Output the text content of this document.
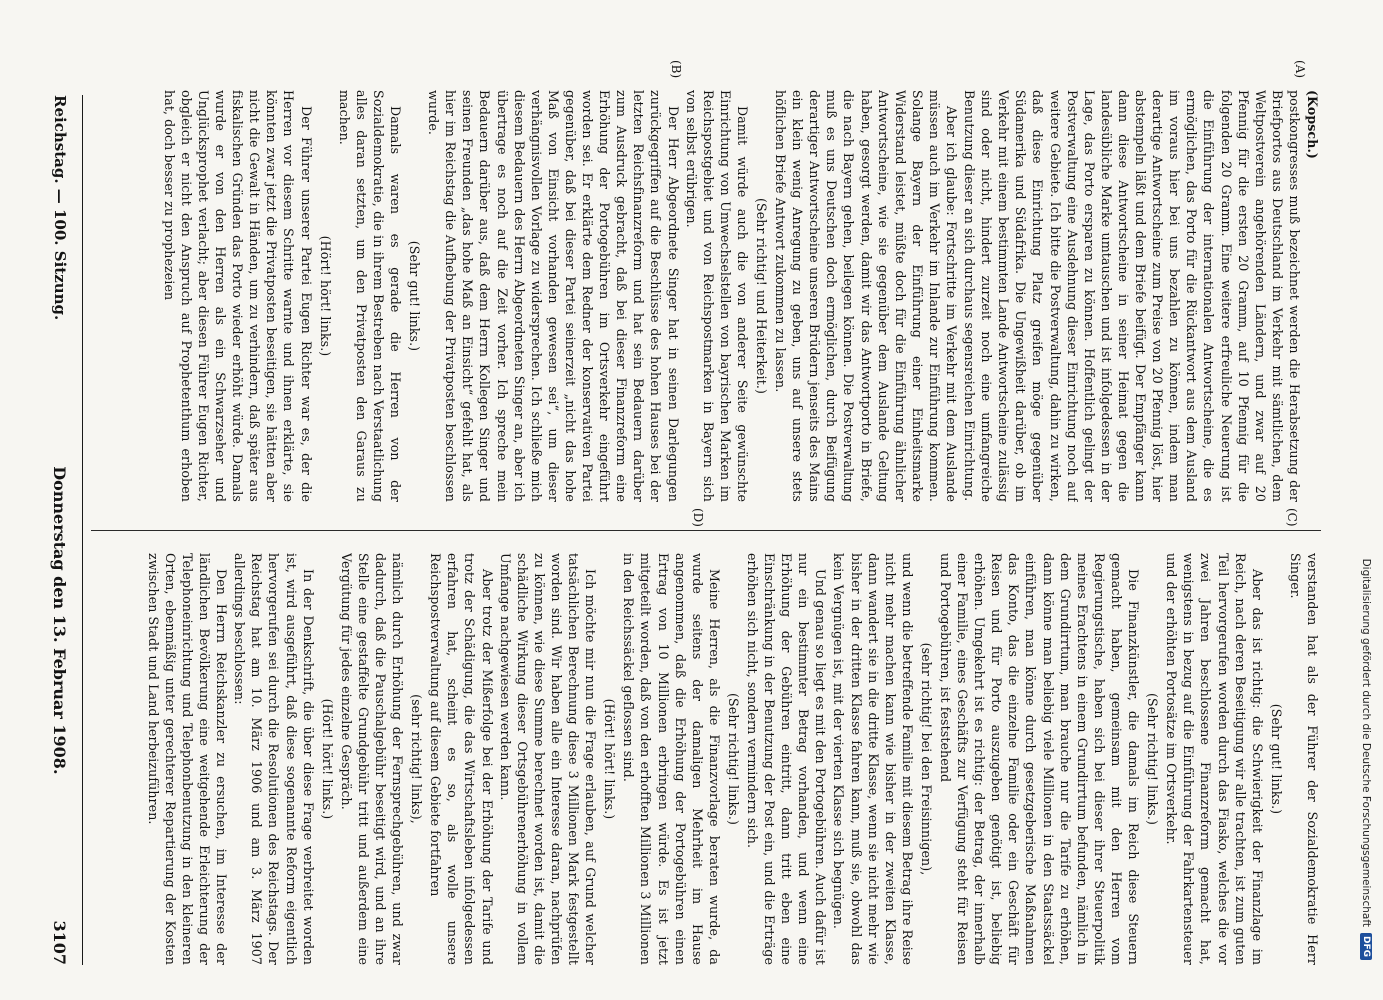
Digitalisierung gefördert durch die Deutsche Forschungsgemeinschaft
DFG
(A)
(B)
(C)
(D)

(Kopsch.)

postkongresses muß bezeichnet werden die Herabsetzung der Briefportos aus Deutschland im Verkehr mit sämtlichen, dem Weltpostverein angehörenden Ländern, und zwar auf 20 Pfennig für die ersten 20 Gramm, auf 10 Pfennig für die folgenden 20 Gramm. Eine weitere erfreuliche Neuerung ist die Einführung der internationalen Antwortscheine, die es ermöglichen, das Porto für die Rückantwort aus dem Ausland im voraus hier bei uns bezahlen zu können, indem man derartige Antwortscheine zum Preise von 20 Pfennig löst, hier abstempeln läßt und dem Briefe beifügt. Der Empfänger kann dann diese Antwortscheine in seiner Heimat gegen die landesübliche Marke umtauschen und ist infolgedessen in der Lage, das Porto ersparen zu können. Hoffentlich gelingt der Postverwaltung eine Ausdehnung dieser Einrichtung noch auf weitere Gebiete. Ich bitte die Postverwaltung, dahin zu wirken, daß diese Einrichtung Platz greifen möge gegenüber Südamerika und Südafrika. Die Ungewißheit darüber, ob im Verkehr mit einem bestimmten Lande Antwortscheine zulässig sind oder nicht, hindert zurzeit noch eine umfangreiche Benutzung dieser an sich durchaus segensreichen Einrichtung.

Aber ich glaube: Fortschritte im Verkehr mit dem Auslande müssen auch im Verkehr im Inlande zur Einführung kommen. Solange Bayern der Einführung einer Einheitsmarke Widerstand leistet, müßte doch für die Einführung ähnlicher Antwortscheine, wie sie gegenüber dem Auslande Geltung haben, gesorgt werden, damit wir das Antwortporto in Briefe, die nach Bayern gehen, beilegen können. Die Postverwaltung muß es uns Deutschen doch ermöglichen, durch Beifügung derartiger Antwortscheine unseren Brüdern jenseits des Mains ein klein wenig Anregung zu geben, uns auf unsere stets höflichen Briefe Antwort zukommen zu lassen.

(Sehr richtig! und Heiterkeit.)

Damit würde auch die von anderer Seite gewünschte Einrichtung von Umwechselstellen von bayrischen Marken im Reichspostgebiet und von Reichspostmarken in Bayern sich von selbst erübrigen.

Der Herr Abgeordnete Singer hat in seinen Darlegungen zurückgegriffen auf die Beschlüsse des hohen Hauses bei der letzten Reichsfinanzreform und hat sein Bedauern darüber zum Ausdruck gebracht, daß bei dieser Finanzreform eine Erhöhung der Portogebühren im Ortsverkehr eingeführt worden sei. Er erklärte dem Redner der konservativen Partei gegenüber, daß bei dieser Partei seinerzeit „nicht das hohe Maß von Einsicht vorhanden gewesen sei“, um dieser verhängnisvollen Vorlage zu widersprechen. Ich schließe mich diesem Bedauern des Herrn Abgeordneten Singer an, aber ich übertrage es noch auf die Zeit vorher. Ich spreche mein Bedauern darüber aus, daß dem Herrn Kollegen Singer und seinen Freunden „das hohe Maß an Einsicht“ gefehlt hat, als hier im Reichstag die Aufhebung der Privatposten beschlossen wurde.

(Sehr gut! links.)

Damals waren es gerade die Herren von der Sozialdemokratie, die in ihrem Bestreben nach Verstaatlichung alles daran setzten, um den Privatposten den Garaus zu machen.

(Hört! hört! links.)

Der Führer unserer Partei Eugen Richter war es, der die Herren vor diesem Schritte warnte und ihnen erklärte, sie könnten zwar jetzt die Privatposten beseitigen, sie hätten aber nicht die Gewalt in Händen, um zu verhindern, daß später aus fiskalischen Gründen das Porto wieder erhöht würde. Damals wurde er von den Herren als ein Schwarzseher und Unglücksprophet verlacht; aber diesen Führer Eugen Richter, obgleich er nicht den Anspruch auf Prophetenthum erhoben hat, doch besser zu prophezeien

verstanden hat als der Führer der Sozialdemokratie Herr Singer.

(Sehr gut! links.)

Aber das ist richtig: die Schwierigkeit der Finanzlage im Reich, nach deren Beseitigung wir alle trachten, ist zum guten Teil hervorgerufen worden durch das Fiasko, welches die vor zwei Jahren beschlossene Finanzreform gemacht hat, wenigstens in bezug auf die Einführung der Fahrkartensteuer und der erhöhten Portosätze im Ortsverkehr.

(Sehr richtig! links.)

Die Finanzkünstler, die damals im Reich diese Steuern gemacht haben, gemeinsam mit den Herren vom Regierungstische, haben sich bei dieser ihrer Steuerpolitik meines Erachtens in einem Grundirrtum befunden, nämlich in dem Grundirrtum, man brauche nur die Tarife zu erhöhen, dann könne man beliebig viele Millionen in den Staatssäckel einführen, man könne durch gesetzgeberische Maßnahmen das Konto, das die einzelne Familie oder ein Geschäft für Reisen und für Porto auszugeben genötigt ist, beliebig erhöhen. Umgekehrt ist es richtig: der Betrag, der innerhalb einer Familie, eines Geschäfts zur Verfügung steht für Reisen und Portogebühren, ist feststehend

(sehr richtig! bei den Freisinnigen),

und wenn die betreffende Familie mit diesem Betrag ihre Reise nicht mehr machen kann wie bisher in der zweiten Klasse, dann wandert sie in die dritte Klasse, wenn sie nicht mehr wie bisher in der dritten Klasse fahren kann, muß sie, obwohl das kein Vergnügen ist, mit der vierten Klasse sich begnügen.

Und genau so liegt es mit den Portogebühren. Auch dafür ist nur ein bestimmter Betrag vorhanden, und wenn eine Erhöhung der Gebühren eintritt, dann tritt eben eine Einschränkung in der Benutzung der Post ein, und die Erträge erhöhen sich nicht, sondern vermindern sich.

(Sehr richtig! links.)

Meine Herren, als die Finanzvorlage beraten wurde, da wurde seitens der damaligen Mehrheit im Hause angenommen, daß die Erhöhung der Portogebühren einen Ertrag von 10 Millionen erbringen würde. Es ist jetzt mitgeteilt worden, daß von den erhofften Millionen 3 Millionen in den Reichssäckel geflossen sind.

(Hört! hört! links.)

Ich möchte mir nun die Frage erlauben, auf Grund welcher tatsächlichen Berechnung diese 3 Millionen Mark festgestellt worden sind. Wir haben alle ein Interesse daran, nachprüfen zu können, wie diese Summe berechnet worden ist, damit die schädliche Wirkung dieser Ortsgebührenerhöhung in vollem Umfange nachgewiesen werden kann.

Aber trotz der Mißerfolge bei der Erhöhung der Tarife und trotz der Schädigung, die das Wirtschaftsleben infolgedessen erfahren hat, scheint es so, als wolle unsere Reichspostverwaltung auf diesem Gebiete fortfahren

(sehr richtig! links),

nämlich durch Erhöhung der Fernsprechgebühren, und zwar dadurch, daß die Pauschalgebühr beseitigt wird, und an ihre Stelle eine gestaffelte Grundgebühr tritt und außerdem eine Vergütung für jedes einzelne Gespräch.

(Hört! hört! links.)

In der Denkschrift, die über diese Frage verbreitet worden ist, wird ausgeführt, daß diese sogenannte Reform eigentlich hervorgerufen sei durch die Resolutionen des Reichstags. Der Reichstag hat am 10. März 1906 und am 3. März 1907 allerdings beschlossen:

Den Herrn Reichskanzler zu ersuchen, im Interesse der ländlichen Bevölkerung eine weitgehende Erleichterung der Telephoneinrichtung und Telephonbenutzung in den kleineren Orten, ebenmäßig unter gerechterer Repartierung der Kosten zwischen Stadt und Land herbeizuführen.

Reichstag. — 100. Sitzung.
Donnerstag den 13. Februar 1908.
3107
